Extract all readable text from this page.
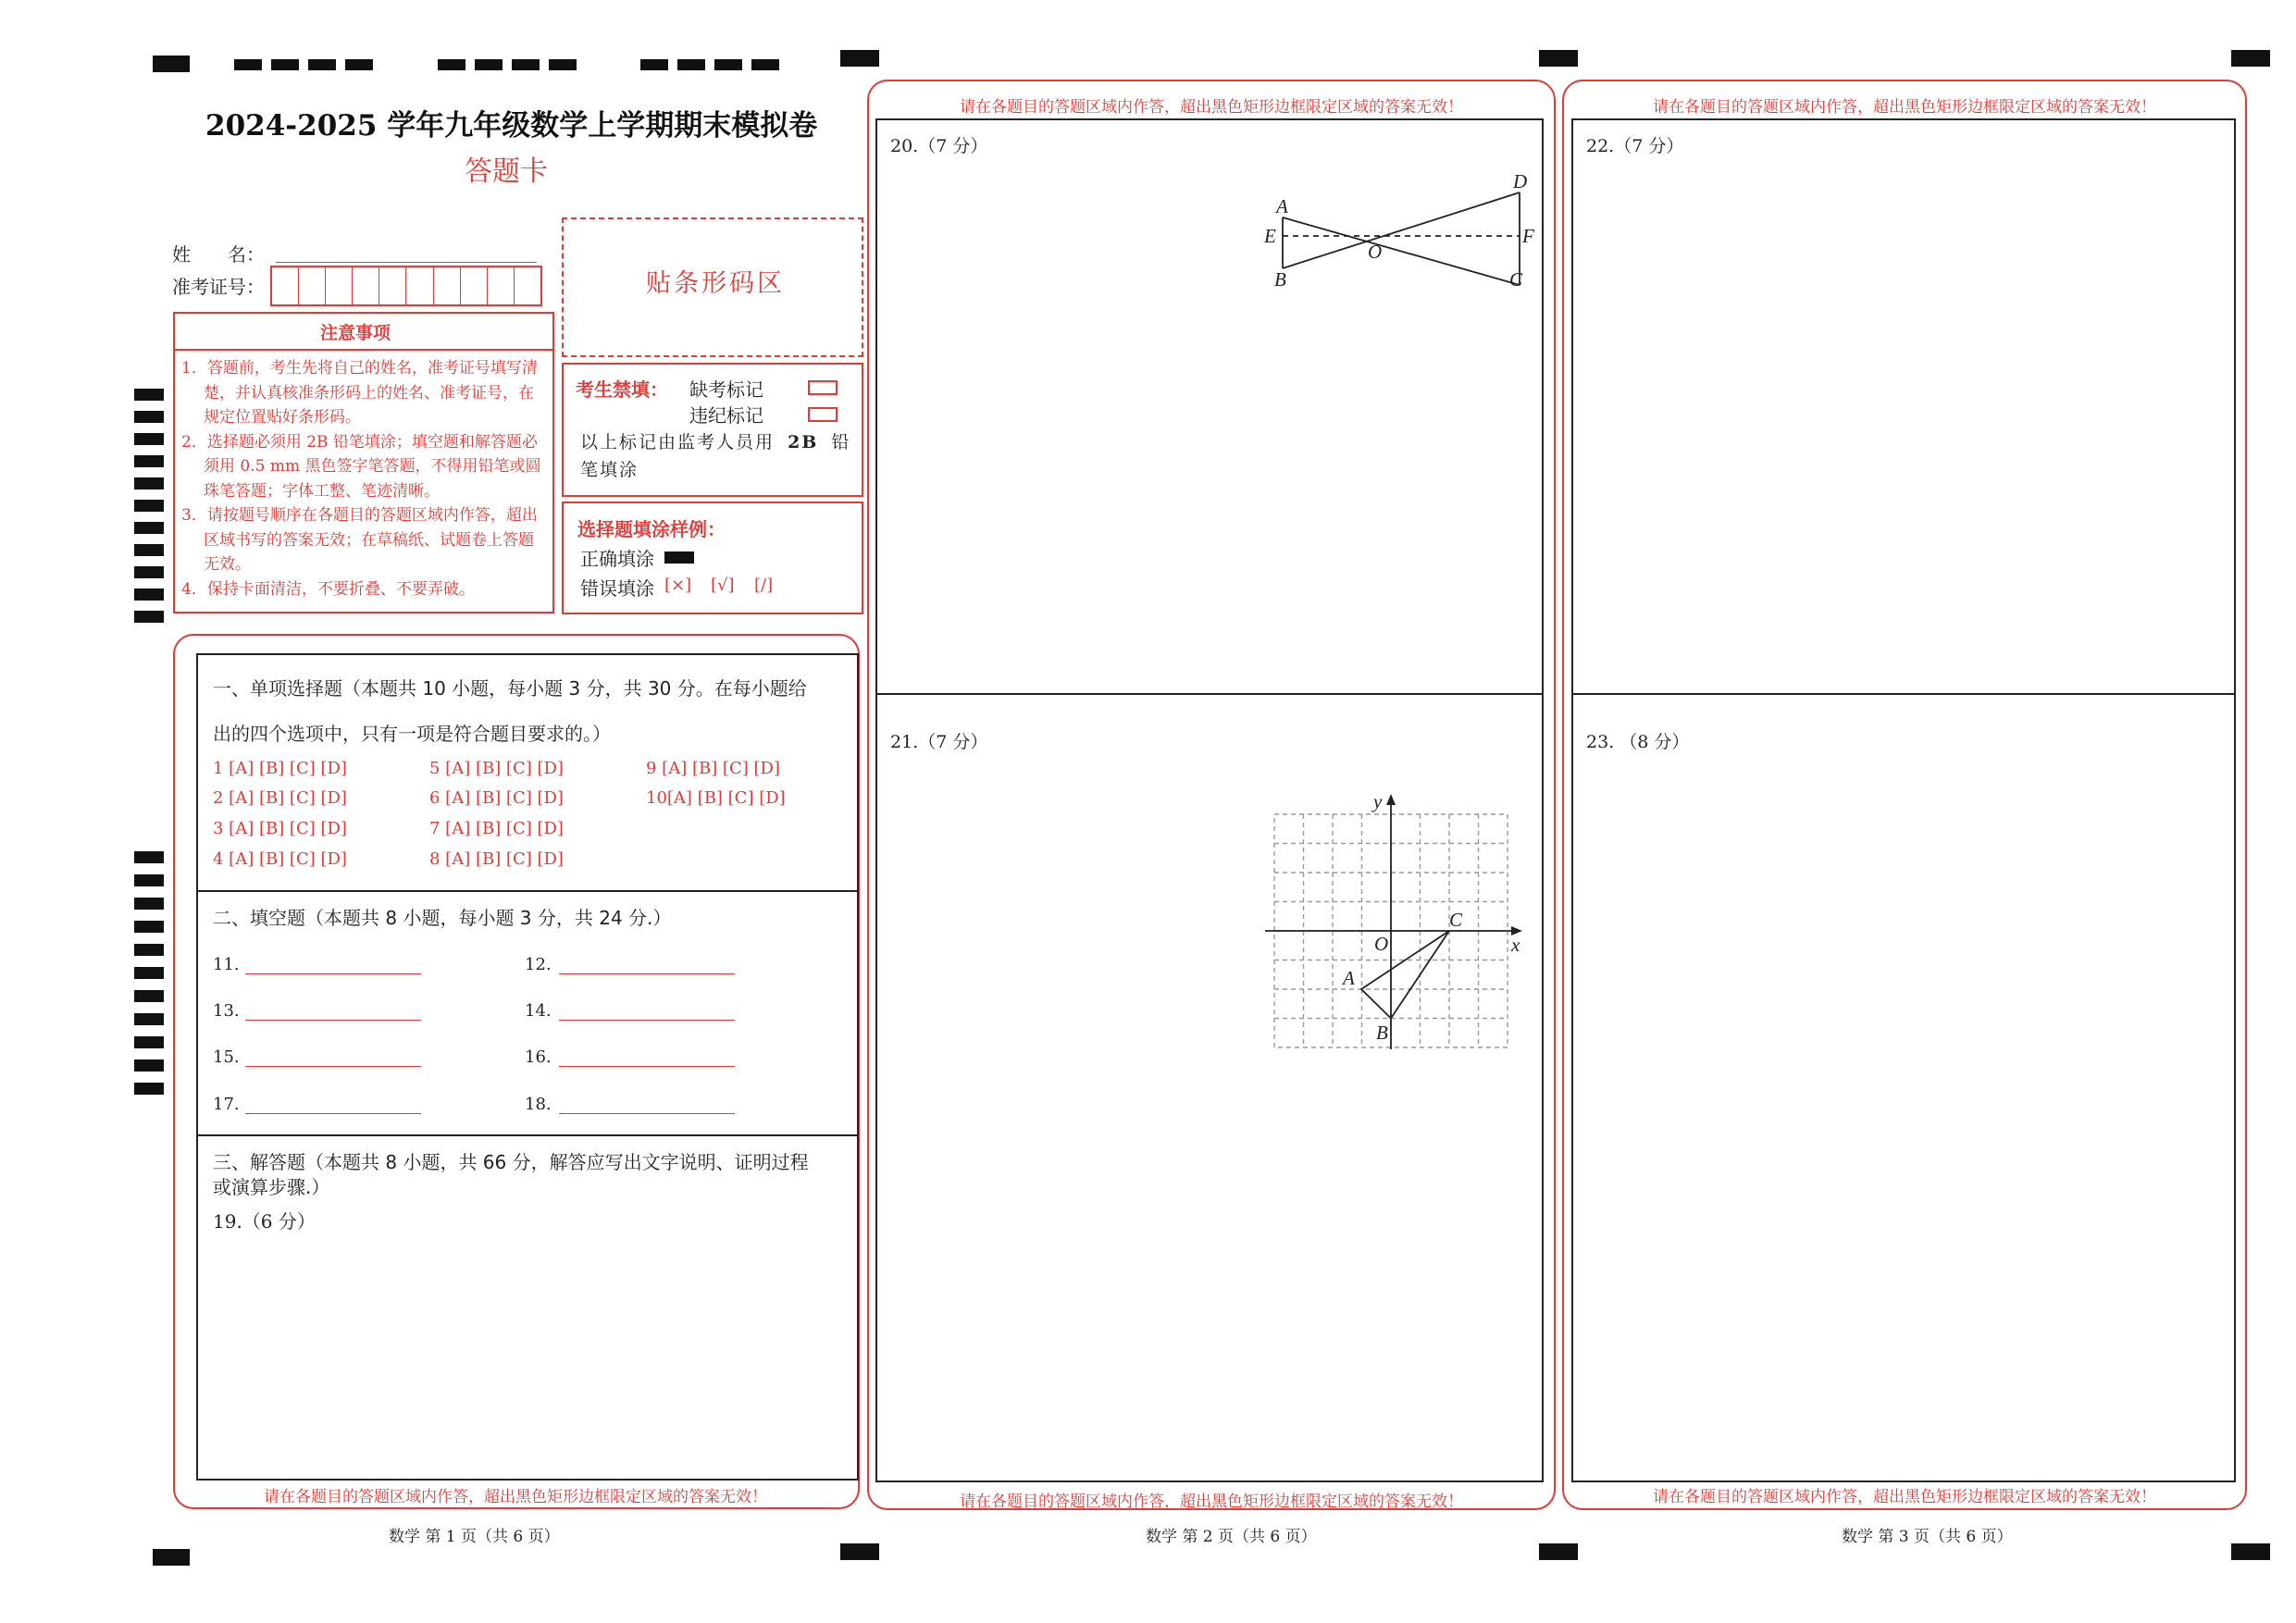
2024-2025 学年九年级数学上学期期末模拟卷
答题卡
姓　　名：
准考证号：	贴条形码区
注意事项
1．答题前，考生先将自己的姓名，准考证号填写清楚，并认真核准条形码上的姓名、准考证号，在规定位置贴好条形码。
2．选择题必须用 2B 铅笔填涂；填空题和解答题必须用 0.5 mm 黑色签字笔答题，不得用铅笔或圆珠笔答题；字体工整、笔迹清晰。
3．请按题号顺序在各题目的答题区域内作答，超出区域书写的答案无效；在草稿纸、试题卷上答题无效。
4．保持卡面清洁，不要折叠、不要弄破。
考生禁填： 缺考标记
违纪标记
以上标记由监考人员用 2B 铅
笔填涂
选择题填涂样例：
正确填涂
错误填涂 [×] [√] [/]
一、单项选择题（本题共 10 小题，每小题 3 分，共 30 分。在每小题给
出的四个选项中，只有一项是符合题目要求的。）
1 [A] [B] [C] [D]
2 [A] [B] [C] [D]
3 [A] [B] [C] [D]
4 [A] [B] [C] [D]
5 [A] [B] [C] [D]
6 [A] [B] [C] [D]
7 [A] [B] [C] [D]
8 [A] [B] [C] [D]
9 [A] [B] [C] [D]
10[A] [B] [C] [D]
二、填空题（本题共 8 小题，每小题 3 分，共 24 分.）
11.	12.
13.	14.
15.	16.
17.	18.
三、解答题（本题共 8 小题，共 66 分，解答应写出文字说明、证明过程
或演算步骤.）
19.（6 分）
请在各题目的答题区域内作答，超出黑色矩形边框限定区域的答案无效！
数学 第 1 页（共 6 页）
请在各题目的答题区域内作答，超出黑色矩形边框限定区域的答案无效！
20.（7 分）
A
D
E
O
F
B	C
21.（7 分）
y
O
C
x
A
B
请在各题目的答题区域内作答，超出黑色矩形边框限定区域的答案无效！
数学 第 2 页（共 6 页）
请在各题目的答题区域内作答，超出黑色矩形边框限定区域的答案无效！
22.（7 分）
23. （8 分）
请在各题目的答题区域内作答，超出黑色矩形边框限定区域的答案无效！
数学 第 3 页（共 6 页）
